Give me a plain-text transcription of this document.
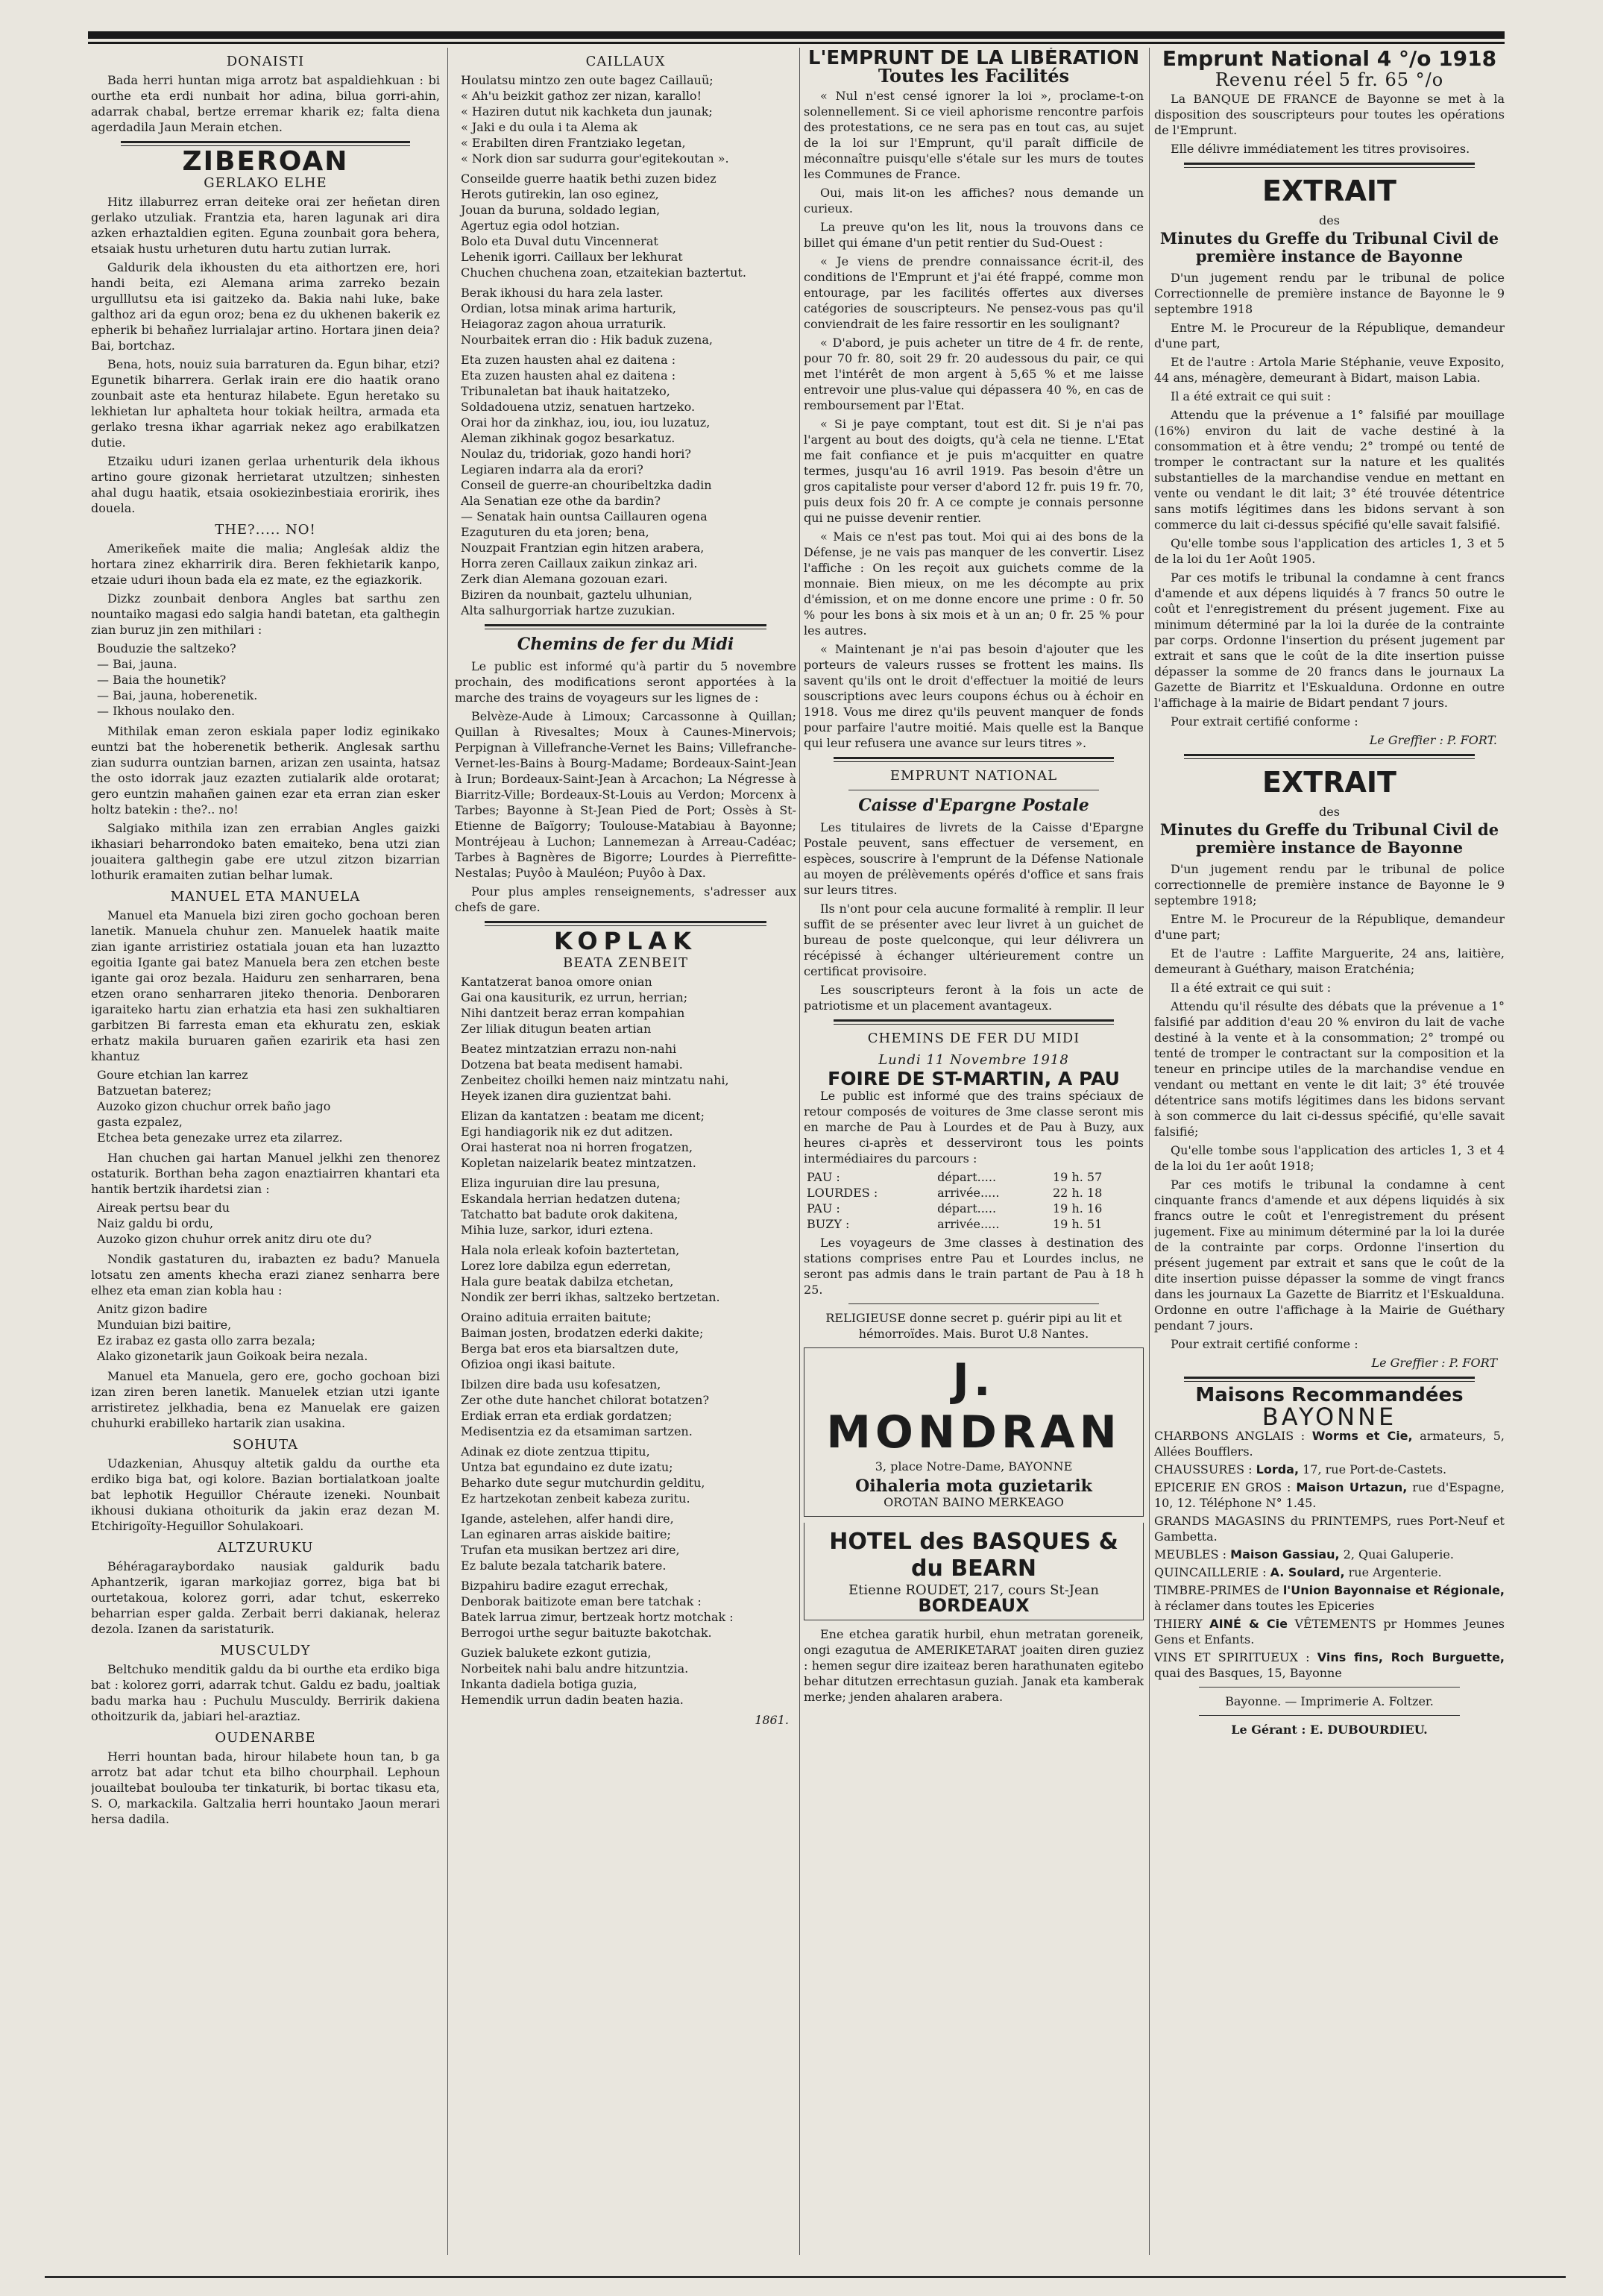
DONAISTI

Bada herri huntan miga arrotz bat aspaldiehkuan : bi ourthe eta erdi nunbait hor adina, bilua gorri-ahin, adarrak chabal, bertze erremar kharik ez; falta diena agerdadila Jaun Merain etchen.

ZIBEROAN
GERLAKO ELHE

Hitz illaburrez erran deiteke orai zer heñetan diren gerlako utzuliak. Frantzia eta, haren lagunak ari dira azken erhaztaldien egiten. Eguna zounbait gora behera, etsaiak hustu urheturen dutu hartu zutian lurrak.

Galdurik dela ikhousten du eta aithortzen ere, hori handi beita, ezi Alemana arima zarreko bezain urgulllutsu eta isi gaitzeko da. Bakia nahi luke, bake galthoz ari da egun oroz; bena ez du ukhenen bakerik ez epherik bi behañez lurrialajar artino. Hortara jinen deia? Bai, bortchaz.

Bena, hots, nouiz suia barraturen da. Egun bihar, etzi? Egunetik biharrera. Gerlak irain ere dio haatik orano zounbait aste eta henturaz hilabete. Egun heretako su lekhietan lur aphalteta hour tokiak heiltra, armada eta gerlako tresna ikhar agarriak nekez ago erabilkatzen dutie.

Etzaiku uduri izanen gerlaa urhenturik dela ikhous artino goure gizonak herrietarat utzultzen; sinhesten ahal dugu haatik, etsaia osokiezinbestiaia eroririk, ihes douela.

THE?..... NO!

Amerikeñek maite die malia; Angleśak aldiz the hortara zinez ekharririk dira. Beren fekhietarik kanpo, etzaie uduri ihoun bada ela ez mate, ez the egiazkorik.

Dizkz zounbait denbora Angles bat sarthu zen nountaiko magasi edo salgia handi batetan, eta galthegin zian buruz jin zen mithilari :

Bouduzie the saltzeko?
— Bai, jauna.
— Baia the hounetik?
— Bai, jauna, hoberenetik.
— Ikhous noulako den.

Mithilak eman zeron eskiala paper lodiz eginikako euntzi bat the hoberenetik betherik. Anglesak sarthu zian sudurra ountzian barnen, arizan zen usainta, hatsaz the osto idorrak jauz ezazten zutialarik alde orotarat; gero euntzin mahañen gainen ezar eta erran zian esker holtz batekin : the?.. no!

Salgiako mithila izan zen errabian Angles gaizki ikhasiari beharrondoko baten emaiteko, bena utzi zian jouaitera galthegin gabe ere utzul zitzon bizarrian lothurik eramaiten zutian belhar lumak.

MANUEL ETA MANUELA

Manuel eta Manuela bizi ziren gocho gochoan beren lanetik. Manuela chuhur zen. Manuelek haatik maite zian igante arristiriez ostatiala jouan eta han luzaztto egoitia Igante gai batez Manuela bera zen etchen beste igante gai oroz bezala. Haiduru zen senharraren, bena etzen orano senharraren jiteko thenoria. Denboraren igaraiteko hartu zian erhatzia eta hasi zen sukhaltiaren garbitzen Bi farresta eman eta ekhuratu zen, eskiak erhatz makila buruaren gañen ezaririk eta hasi zen khantuz

Goure etchian lan karrez
Batzuetan baterez;
Auzoko gizon chuchur orrek baño jago
gasta ezpalez,
Etchea beta genezake urrez eta zilarrez.

Han chuchen gai hartan Manuel jelkhi zen thenorez ostaturik. Borthan beha zagon enaztiairren khantari eta hantik bertzik ihardetsi zian :

Aireak pertsu bear du
Naiz galdu bi ordu,
Auzoko gizon chuhur orrek anitz diru ote du?

Nondik gastaturen du, irabazten ez badu? Manuela lotsatu zen aments khecha erazi zianez senharra bere elhez eta eman zian kobla hau :

Anitz gizon badire
Munduian bizi baitire,
Ez irabaz ez gasta ollo zarra bezala;
Alako gizonetarik jaun Goikoak beira nezala.

Manuel eta Manuela, gero ere, gocho gochoan bizi izan ziren beren lanetik. Manuelek etzian utzi igante arristiretez jelkhadia, bena ez Manuelak ere gaizen chuhurki erabilleko hartarik zian usakina.

SOHUTA

Udazkenian, Ahusquy altetik galdu da ourthe eta erdiko biga bat, ogi kolore. Bazian bortialatkoan joalte bat lephotik Heguillor Chéraute izeneki. Nounbait ikhousi dukiana othoiturik da jakin eraz dezan M. Etchirigoïty-Heguillor Sohulakoari.

ALTZURUKU

Béhéragaraybordako nausiak galdurik badu Aphantzerik, igaran markojiaz gorrez, biga bat bi ourtetakoua, kolorez gorri, adar tchut, eskerreko beharrian esper galda. Zerbait berri dakianak, heleraz dezola. Izanen da saristaturik.

MUSCULDY

Beltchuko menditik galdu da bi ourthe eta erdiko biga bat : kolorez gorri, adarrak tchut. Galdu ez badu, joaltiak badu marka hau : Puchulu Musculdy. Berririk dakiena othoitzurik da, jabiari hel-araztiaz.

OUDENARBE

Herri hountan bada, hirour hilabete houn tan, b ga arrotz bat adar tchut eta bilho chourphail. Lephoun jouailtebat boulouba ter tinkaturik, bi bortac tikasu eta, S. O, markackila. Galtzalia herri hountako Jaoun merari hersa dadila.

CAILLAUX
Houlatsu mintzo zen oute bagez Caillauü;
« Ah'u beizkit gathoz zer nizan, karallo!
« Haziren dutut nik kachketa dun jaunak;
« Jaki e du oula i ta Alema ak
« Erabilten diren Frantziako legetan,
« Nork dion sar sudurra gour'egitekoutan ».
Conseilde guerre haatik bethi zuzen bidez
Herots gutirekin, lan oso eginez,
Jouan da buruna, soldado legian,
Agertuz egia odol hotzian.
Bolo eta Duval dutu Vincennerat
Lehenik igorri. Caillaux ber lekhurat
Chuchen chuchena zoan, etzaitekian baztertut.
Berak ikhousi du hara zela laster.
Ordian, lotsa minak arima harturik,
Heiagoraz zagon ahoua urraturik.
Nourbaitek erran dio : Hik baduk zuzena,
Eta zuzen hausten ahal ez daitena :
Eta zuzen hausten ahal ez daitena :
Tribunaletan bat ihauk haitatzeko,
Soldadouena utziz, senatuen hartzeko.
Orai hor da zinkhaz, iou, iou, iou luzatuz,
Aleman zikhinak gogoz besarkatuz.
Noulaz du, tridoriak, gozo handi hori?
Legiaren indarra ala da erori?
Conseil de guerre-an chouribeltzka dadin
Ala Senatian eze othe da bardin?
— Senatak hain ountsa Caillauren ogena
Ezaguturen du eta joren; bena,
Nouzpait Frantzian egin hitzen arabera,
Horra zeren Caillaux zaikun zinkaz ari.
Zerk dian Alemana gozouan ezari.
Biziren da nounbait, gaztelu ulhunian,
Alta salhurgorriak hartze zuzukian.
Chemins de fer du Midi

Le public est informé qu'à partir du 5 novembre prochain, des modifications seront apportées à la marche des trains de voyageurs sur les lignes de :

Belvèze-Aude à Limoux; Carcassonne à Quillan; Quillan à Rivesaltes; Moux à Caunes-Minervois; Perpignan à Villefranche-Vernet les Bains; Villefranche-Vernet-les-Bains à Bourg-Madame; Bordeaux-Saint-Jean à Irun; Bordeaux-Saint-Jean à Arcachon; La Négresse à Biarritz-Ville; Bordeaux-St-Louis au Verdon; Morcenx à Tarbes; Bayonne à St-Jean Pied de Port; Ossès à St-Etienne de Baïgorry; Toulouse-Matabiau à Bayonne; Montréjeau à Luchon; Lannemezan à Arreau-Cadéac; Tarbes à Bagnères de Bigorre; Lourdes à Pierrefitte-Nestalas; Puyôo à Mauléon; Puyôo à Dax.

Pour plus amples renseignements, s'adresser aux chefs de gare.

KOPLAK
BEATA ZENBEIT
Kantatzerat banoa omore onian
Gai ona kausiturik, ez urrun, herrian;
Nihi dantzeit beraz erran kompahian
Zer liliak ditugun beaten artian
Beatez mintzatzian errazu non-nahi
Dotzena bat beata medisent hamabi.
Zenbeitez choilki hemen naiz mintzatu nahi,
Heyek izanen dira guzientzat bahi.
Elizan da kantatzen : beatam me dicent;
Egi handiagorik nik ez dut aditzen.
Orai hasterat noa ni horren frogatzen,
Kopletan naizelarik beatez mintzatzen.
Eliza inguruian dire lau presuna,
Eskandala herrian hedatzen dutena;
Tatchatto bat badute orok dakitena,
Mihia luze, sarkor, iduri eztena.
Hala nola erleak kofoin baztertetan,
Lorez lore dabilza egun ederretan,
Hala gure beatak dabilza etchetan,
Nondik zer berri ikhas, saltzeko bertzetan.
Oraino adituia erraiten baitute;
Baiman josten, brodatzen ederki dakite;
Berga bat eros eta biarsaltzen dute,
Ofizioa ongi ikasi baitute.
Ibilzen dire bada usu kofesatzen,
Zer othe dute hanchet chilorat botatzen?
Erdiak erran eta erdiak gordatzen;
Medisentzia ez da etsamiman sartzen.
Adinak ez diote zentzua ttipitu,
Untza bat egundaino ez dute izatu;
Beharko dute segur mutchurdin gelditu,
Ez hartzekotan zenbeit kabeza zuritu.
Igande, astelehen, alfer handi dire,
Lan eginaren arras aiskide baitire;
Trufan eta musikan bertzez ari dire,
Ez balute bezala tatcharik batere.
Bizpahiru badire ezagut errechak,
Denborak baitizote eman bere tatchak :
Batek larrua zimur, bertzeak hortz motchak :
Berrogoi urthe segur baituzte bakotchak.
Guziek balukete ezkont gutizia,
Norbeitek nahi balu andre hitzuntzia.
Inkanta dadiela botiga guzia,
Hemendik urrun dadin beaten hazia.
1861.
L'EMPRUNT DE LA LIBÉRATION
Toutes les Facilités

« Nul n'est censé ignorer la loi », proclame-t-on solennellement. Si ce vieil aphorisme rencontre parfois des protestations, ce ne sera pas en tout cas, au sujet de la loi sur l'Emprunt, qu'il paraît difficile de méconnaître puisqu'elle s'étale sur les murs de toutes les Communes de France.

Oui, mais lit-on les affiches? nous demande un curieux.

La preuve qu'on les lit, nous la trouvons dans ce billet qui émane d'un petit rentier du Sud-Ouest :

« Je viens de prendre connaissance écrit-il, des conditions de l'Emprunt et j'ai été frappé, comme mon entourage, par les facilités offertes aux diverses catégories de souscripteurs. Ne pensez-vous pas qu'il conviendrait de les faire ressortir en les soulignant?

« D'abord, je puis acheter un titre de 4 fr. de rente, pour 70 fr. 80, soit 29 fr. 20 audessous du pair, ce qui met l'intérêt de mon argent à 5,65 % et me laisse entrevoir une plus-value qui dépassera 40 %, en cas de remboursement par l'Etat.

« Si je paye comptant, tout est dit. Si je n'ai pas l'argent au bout des doigts, qu'à cela ne tienne. L'Etat me fait confiance et je puis m'acquitter en quatre termes, jusqu'au 16 avril 1919. Pas besoin d'être un gros capitaliste pour verser d'abord 12 fr. puis 19 fr. 70, puis deux fois 20 fr. A ce compte je connais personne qui ne puisse devenir rentier.

« Mais ce n'est pas tout. Moi qui ai des bons de la Défense, je ne vais pas manquer de les convertir. Lisez l'affiche : On les reçoit aux guichets comme de la monnaie. Bien mieux, on me les décompte au prix d'émission, et on me donne encore une prime : 0 fr. 50 % pour les bons à six mois et à un an; 0 fr. 25 % pour les autres.

« Maintenant je n'ai pas besoin d'ajouter que les porteurs de valeurs russes se frottent les mains. Ils savent qu'ils ont le droit d'effectuer la moitié de leurs souscriptions avec leurs coupons échus ou à échoir en 1918. Vous me direz qu'ils peuvent manquer de fonds pour parfaire l'autre moitié. Mais quelle est la Banque qui leur refusera une avance sur leurs titres ».

EMPRUNT NATIONAL
Caisse d'Epargne Postale

Les titulaires de livrets de la Caisse d'Epargne Postale peuvent, sans effectuer de versement, en espèces, souscrire à l'emprunt de la Défense Nationale au moyen de prélèvements opérés d'office et sans frais sur leurs titres.

Ils n'ont pour cela aucune formalité à remplir. Il leur suffit de se présenter avec leur livret à un guichet de bureau de poste quelconque, qui leur délivrera un récépissé à échanger ultérieurement contre un certificat provisoire.

Les souscripteurs feront à la fois un acte de patriotisme et un placement avantageux.

CHEMINS DE FER DU MIDI
Lundi 11 Novembre 1918
FOIRE DE ST-MARTIN, A PAU

Le public est informé que des trains spéciaux de retour composés de voitures de 3me classe seront mis en marche de Pau à Lourdes et de Pau à Buzy, aux heures ci-après et desserviront tous les points intermédiaires du parcours :

PAU :	départ.....	19 h. 57
LOURDES :	arrivée.....	22 h. 18
PAU :	départ.....	19 h. 16
BUZY :	arrivée.....	19 h. 51

Les voyageurs de 3me classes à destination des stations comprises entre Pau et Lourdes inclus, ne seront pas admis dans le train partant de Pau à 18 h 25.

RELIGIEUSE donne secret p. guérir pipi au lit et hémorroïdes. Mais. Burot U.8 Nantes.

J. MONDRAN
3, place Notre-Dame, BAYONNE
Oihaleria mota guzietarik
OROTAN BAINO MERKEAGO
HOTEL des BASQUES & du BEARN
Etienne ROUDET, 217, cours St-Jean
BORDEAUX

Ene etchea garatik hurbil, ehun metratan goreneik, ongi ezagutua de AMERIKETARAT joaiten diren guziez : hemen segur dire izaiteaz beren harathunaten egitebo behar ditutzen errechtasun guziah. Janak eta kamberak merke; jenden ahalaren arabera.

Emprunt National 4 °/o 1918
Revenu réel 5 fr. 65 °/o

La BANQUE DE FRANCE de Bayonne se met à la disposition des souscripteurs pour toutes les opérations de l'Emprunt.

Elle délivre immédiatement les titres provisoires.

EXTRAIT
des
Minutes du Greffe du Tribunal Civil de première instance de Bayonne

D'un jugement rendu par le tribunal de police Correctionnelle de première instance de Bayonne le 9 septembre 1918

Entre M. le Procureur de la République, demandeur d'une part,

Et de l'autre : Artola Marie Stéphanie, veuve Exposito, 44 ans, ménagère, demeurant à Bidart, maison Labia.

Il a été extrait ce qui suit :

Attendu que la prévenue a 1° falsifié par mouillage (16%) environ du lait de vache destiné à la consommation et à être vendu; 2° trompé ou tenté de tromper le contractant sur la nature et les qualités substantielles de la marchandise vendue en mettant en vente ou vendant le dit lait; 3° été trouvée détentrice sans motifs légitimes dans les bidons servant à son commerce du lait ci-dessus spécifié qu'elle savait falsifié.

Qu'elle tombe sous l'application des articles 1, 3 et 5 de la loi du 1er Août 1905.

Par ces motifs le tribunal la condamne à cent francs d'amende et aux dépens liquidés à 7 francs 50 outre le coût et l'enregistrement du présent jugement. Fixe au minimum déterminé par la loi la durée de la contrainte par corps. Ordonne l'insertion du présent jugement par extrait et sans que le coût de la dite insertion puisse dépasser la somme de 20 francs dans le journaux La Gazette de Biarritz et l'Eskualduna. Ordonne en outre l'affichage à la mairie de Bidart pendant 7 jours.

Pour extrait certifié conforme :

Le Greffier : P. FORT.
EXTRAIT
des
Minutes du Greffe du Tribunal Civil de première instance de Bayonne

D'un jugement rendu par le tribunal de police correctionnelle de première instance de Bayonne le 9 septembre 1918;

Entre M. le Procureur de la République, demandeur d'une part;

Et de l'autre : Laffite Marguerite, 24 ans, laitière, demeurant à Guéthary, maison Eratchénia;

Il a été extrait ce qui suit :

Attendu qu'il résulte des débats que la prévenue a 1° falsifié par addition d'eau 20 % environ du lait de vache destiné à la vente et à la consommation; 2° trompé ou tenté de tromper le contractant sur la composition et la teneur en principe utiles de la marchandise vendue en vendant ou mettant en vente le dit lait; 3° été trouvée détentrice sans motifs légitimes dans les bidons servant à son commerce du lait ci-dessus spécifié, qu'elle savait falsifié;

Qu'elle tombe sous l'application des articles 1, 3 et 4 de la loi du 1er août 1918;

Par ces motifs le tribunal la condamne à cent cinquante francs d'amende et aux dépens liquidés à six francs outre le coût et l'enregistrement du présent jugement. Fixe au minimum déterminé par la loi la durée de la contrainte par corps. Ordonne l'insertion du présent jugement par extrait et sans que le coût de la dite insertion puisse dépasser la somme de vingt francs dans les journaux La Gazette de Biarritz et l'Eskualduna. Ordonne en outre l'affichage à la Mairie de Guéthary pendant 7 jours.

Pour extrait certifié conforme :

Le Greffier : P. FORT
Maisons Recommandées
BAYONNE

CHARBONS ANGLAIS : Worms et Cie, armateurs, 5, Allées Boufflers.

CHAUSSURES : Lorda, 17, rue Port-de-Castets.

EPICERIE EN GROS : Maison Urtazun, rue d'Espagne, 10, 12. Téléphone N° 1.45.

GRANDS MAGASINS du PRINTEMPS, rues Port-Neuf et Gambetta.

MEUBLES : Maison Gassiau, 2, Quai Galuperie.

QUINCAILLERIE : A. Soulard, rue Argenterie.

TIMBRE-PRIMES de l'Union Bayonnaise et Régionale, à réclamer dans toutes les Epiceries

THIERY AINÉ & Cie VÊTEMENTS pr Hommes Jeunes Gens et Enfants.

VINS ET SPIRITUEUX : Vins fins, Roch Burguette, quai des Basques, 15, Bayonne

Bayonne. — Imprimerie A. Foltzer.
Le Gérant : E. DUBOURDIEU.
